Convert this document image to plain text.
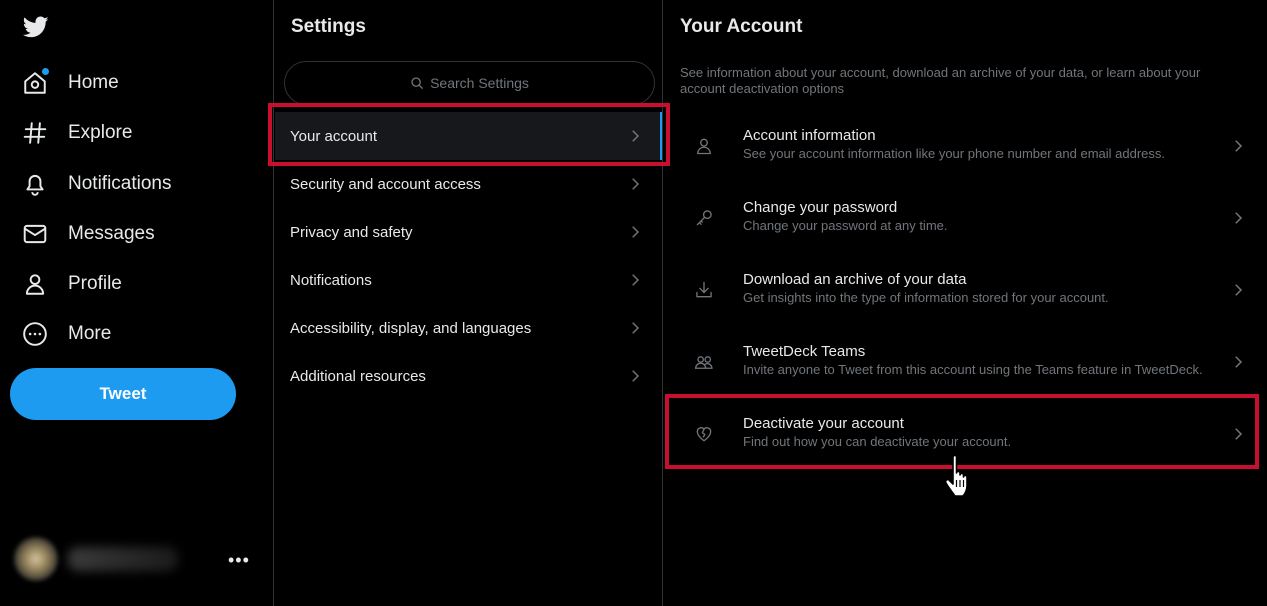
Home
Explore
Notifications
Messages
Profile
More
Tweet
•••
Settings
Search Settings
Your account
Security and account access
Privacy and safety
Notifications
Accessibility, display, and languages
Additional resources
Your Account

See information about your account, download an archive of your data, or learn about your account deactivation options

Account information
See your account information like your phone number and email address.
Change your password
Change your password at any time.
Download an archive of your data
Get insights into the type of information stored for your account.
TweetDeck Teams
Invite anyone to Tweet from this account using the Teams feature in TweetDeck.
Deactivate your account
Find out how you can deactivate your account.
